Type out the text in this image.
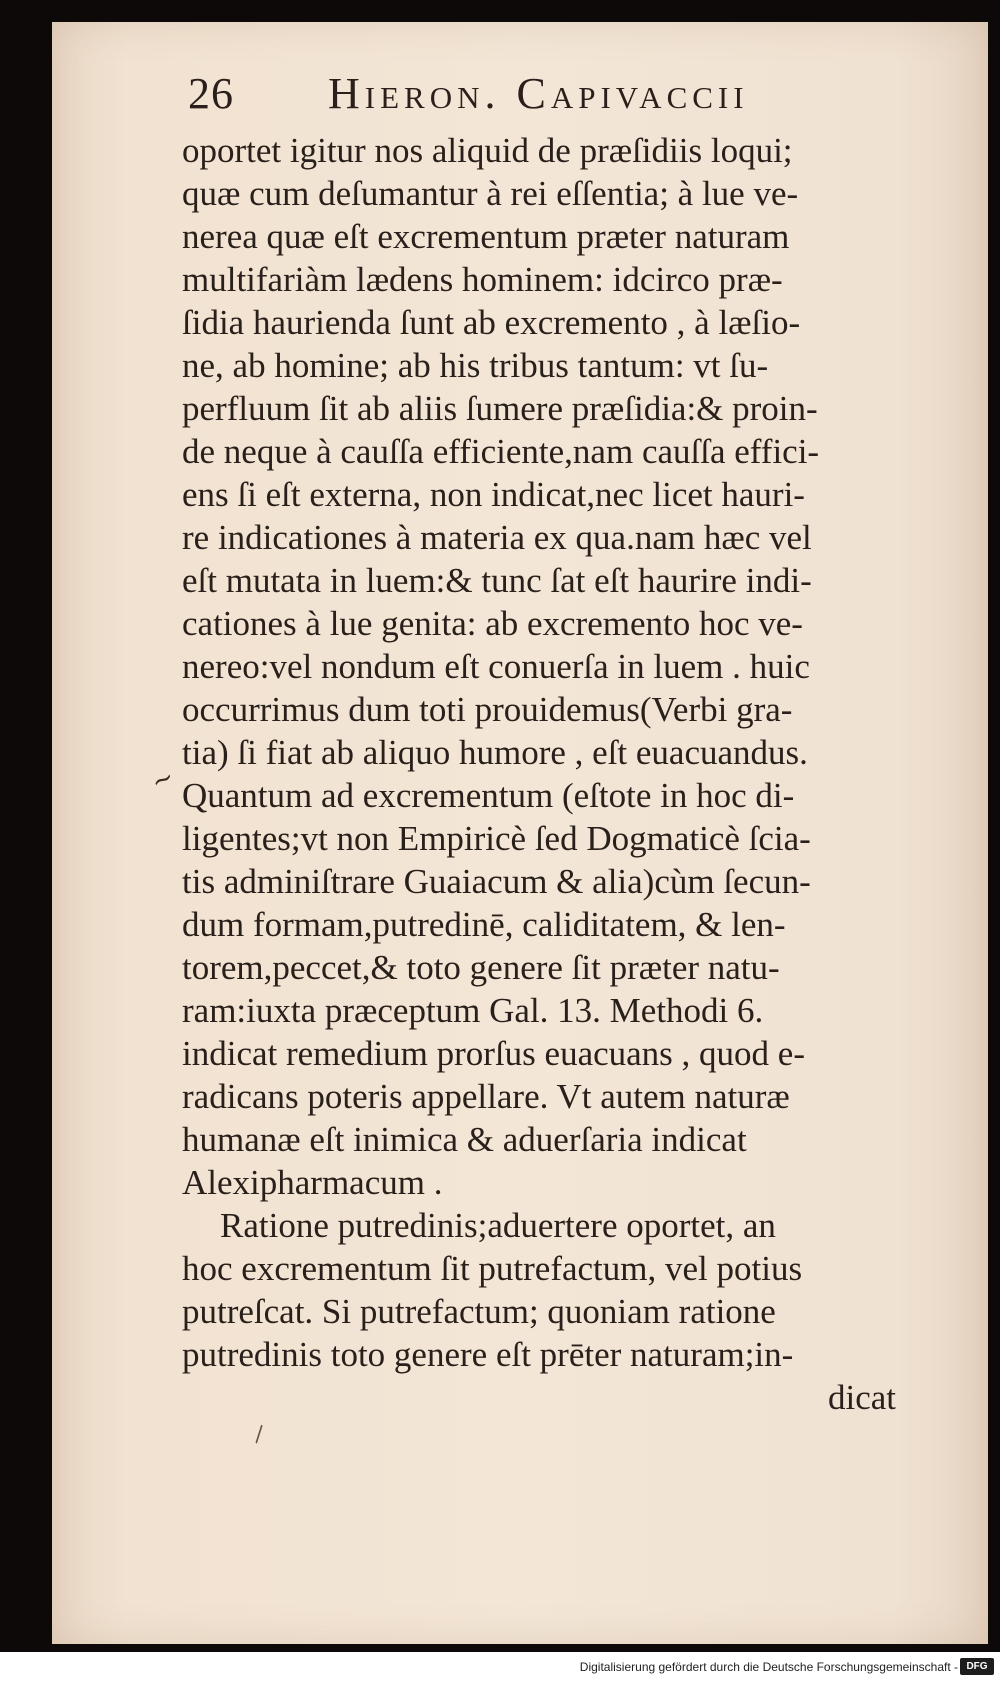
26 Hieron. Capivaccii
oportet igitur nos aliquid de præſidiis loqui;
quæ cum deſumantur à rei eſſentia; à lue ve-
nerea quæ eſt excrementum præter naturam
multifariàm lædens hominem: idcirco præ-
ſidia haurienda ſunt ab excremento , à læſio-
ne, ab homine; ab his tribus tantum: vt ſu-
perfluum ſit ab aliis ſumere præſidia:& proin-
de neque à cauſſa efficiente,nam cauſſa effici-
ens ſi eſt externa, non indicat,nec licet hauri-
re indicationes à materia ex qua.nam hæc vel
eſt mutata in luem:& tunc ſat eſt haurire indi-
cationes à lue genita: ab excremento hoc ve-
nereo:vel nondum eſt conuerſa in luem . huic
occurrimus dum toti prouidemus(Verbi gra-
tia) ſi fiat ab aliquo humore , eſt euacuandus.
Quantum ad excrementum (eſtote in hoc di-
ligentes;vt non Empiricè ſed Dogmaticè ſcia-
tis adminiſtrare Guaiacum & alia)cùm ſecun-
dum formam,putredinē, caliditatem, & len-
torem,peccet,& toto genere ſit præter natu-
ram:iuxta præceptum Gal. 13. Methodi 6.
indicat remedium prorſus euacuans , quod e-
radicans poteris appellare. Vt autem naturæ
humanæ eſt inimica & aduerſaria indicat
Alexipharmacum .
Ratione putredinis;aduertere oportet, an
hoc excrementum ſit putrefactum, vel potius
putreſcat. Si putrefactum; quoniam ratione
putredinis toto genere eſt prēter naturam;in-
dicat
~
\
Digitalisierung gefördert durch die Deutsche Forschungsgemeinschaft - DFG
